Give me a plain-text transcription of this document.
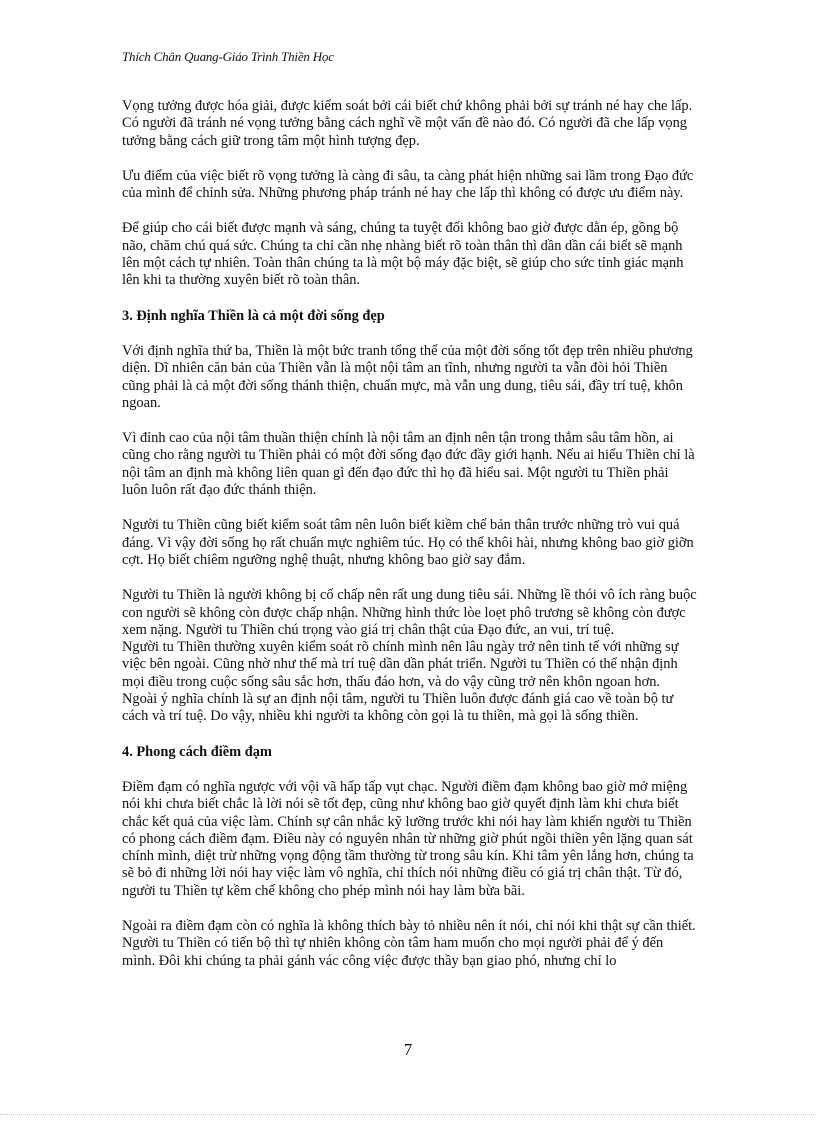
Thích Chân Quang-Giáo Trình Thiền Học

Vọng tưởng được hóa giải, được kiểm soát bởi cái biết chứ không phải bởi sự tránh né hay che lấp. Có người đã tránh né vọng tưởng bằng cách nghĩ về một vấn đề nào đó. Có người đã che lấp vọng tưởng bằng cách giữ trong tâm một hình tượng đẹp.

Ưu điểm của việc biết rõ vọng tưởng là càng đi sâu, ta càng phát hiện những sai lầm trong Đạo đức của mình để chỉnh sửa. Những phương pháp tránh né hay che lấp thì không có được ưu điểm này.

Để giúp cho cái biết được mạnh và sáng, chúng ta tuyệt đối không bao giờ được dằn ép, gồng bộ não, chăm chú quá sức. Chúng ta chỉ cần nhẹ nhàng biết rõ toàn thân thì dần dần cái biết sẽ mạnh lên một cách tự nhiên. Toàn thân chúng ta là một bộ máy đặc biệt, sẽ giúp cho sức tỉnh giác mạnh lên khi ta thường xuyên biết rõ toàn thân.

3. Định nghĩa Thiền là cả một đời sống đẹp

Với định nghĩa thứ ba, Thiền là một bức tranh tổng thể của một đời sống tốt đẹp trên nhiều phương diện. Dĩ nhiên căn bản của Thiền vẫn là một nội tâm an tĩnh, nhưng người ta vẫn đòi hỏi Thiền cũng phải là cả một đời sống thánh thiện, chuẩn mực, mà vẫn ung dung, tiêu sái, đầy trí tuệ, khôn ngoan.

Vì đỉnh cao của nội tâm thuần thiện chính là nội tâm an định nên tận trong thẳm sâu tâm hồn, ai cũng cho rằng người tu Thiền phải có một đời sống đạo đức đầy giới hạnh. Nếu ai hiểu Thiền chỉ là nội tâm an định mà không liên quan gì đến đạo đức thì họ đã hiểu sai. Một người tu Thiền phải luôn luôn rất đạo đức thánh thiện.

Người tu Thiền cũng biết kiểm soát tâm nên luôn biết kiềm chế bản thân trước những trò vui quá đáng. Vì vậy đời sống họ rất chuẩn mực nghiêm túc. Họ có thể khôi hài, nhưng không bao giờ giỡn cợt. Họ biết chiêm ngưỡng nghệ thuật, nhưng không bao giờ say đắm.

Người tu Thiền là người không bị cố chấp nên rất ung dung tiêu sái. Những lề thói vô ích ràng buộc con người sẽ không còn được chấp nhận. Những hình thức lòe loẹt phô trương sẽ không còn được xem nặng. Người tu Thiền chú trọng vào giá trị chân thật của Đạo đức, an vui, trí tuệ.

Người tu Thiền thường xuyên kiểm soát rõ chính mình nên lâu ngày trở nên tinh tế với những sự việc bên ngoài. Cũng nhờ như thế mà trí tuệ dần dần phát triển. Người tu Thiền có thể nhận định mọi điều trong cuộc sống sâu sắc hơn, thấu đáo hơn, và do vậy cũng trở nên khôn ngoan hơn. Ngoài ý nghĩa chính là sự an định nội tâm, người tu Thiền luôn được đánh giá cao về toàn bộ tư cách và trí tuệ. Do vậy, nhiều khi người ta không còn gọi là tu thiền, mà gọi là sống thiền.

4. Phong cách điềm đạm

Điềm đạm có nghĩa ngược với vội vã hấp tấp vụt chạc. Người điềm đạm không bao giờ mở miệng nói khi chưa biết chắc là lời nói sẽ tốt đẹp, cũng như không bao giờ quyết định làm khi chưa biết chắc kết quả của việc làm. Chính sự cân nhắc kỹ lưỡng trước khi nói hay làm khiến người tu Thiền có phong cách điềm đạm. Điều này có nguyên nhân từ những giờ phút ngồi thiền yên lặng quan sát chính mình, diệt trừ những vọng động tầm thường từ trong sâu kín. Khi tâm yên lắng hơn, chúng ta sẽ bỏ đi những lời nói hay việc làm vô nghĩa, chỉ thích nói những điều có giá trị chân thật. Từ đó, người tu Thiền tự kềm chế không cho phép mình nói hay làm bừa bãi.

Ngoài ra điềm đạm còn có nghĩa là không thích bày tỏ nhiều nên ít nói, chỉ nói khi thật sự cần thiết. Người tu Thiền có tiến bộ thì tự nhiên không còn tâm ham muốn cho mọi người phải để ý đến mình. Đôi khi chúng ta phải gánh vác công việc được thầy bạn giao phó, nhưng chỉ lo

7
